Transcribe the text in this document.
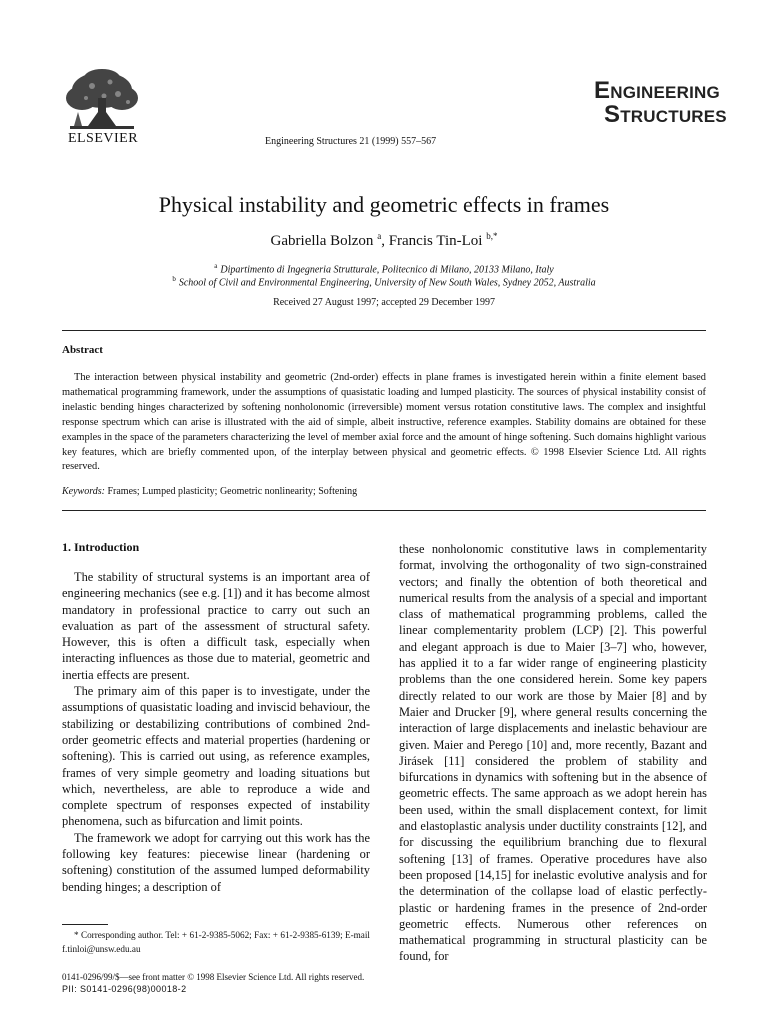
ELSEVIER	Engineering Structures 21 (1999) 557–567
ENGINEERING
STRUCTURES
Physical instability and geometric effects in frames
Gabriella Bolzon $^a$, Francis Tin-Loi $^{b,*}$
$^a$ Dipartimento di Ingegneria Strutturale, Politecnico di Milano, 20133 Milano, Italy
$^b$ School of Civil and Environmental Engineering, University of New South Wales, Sydney 2052, Australia
Received 27 August 1997; accepted 29 December 1997
Abstract
The interaction between physical instability and geometric (2nd-order) effects in plane frames is investigated herein within a finite element based mathematical programming framework, under the assumptions of quasistatic loading and lumped plasticity. The sources of physical instability consist of inelastic bending hinges characterized by softening nonholonomic (irreversible) moment versus rotation constitutive laws. The complex and insightful response spectrum which can arise is illustrated with the aid of simple, albeit instructive, reference examples. Stability domains are obtained for these examples in the space of the parameters characterizing the level of member axial force and the amount of hinge softening. Such domains highlight various key features, which are briefly commented upon, of the interplay between physical and geometric effects. © 1998 Elsevier Science Ltd. All rights reserved.
Keywords: Frames; Lumped plasticity; Geometric nonlinearity; Softening
1. Introduction

The stability of structural systems is an important area of engineering mechanics (see e.g. [1]) and it has become almost mandatory in professional practice to carry out such an evaluation as part of the assessment of structural safety. However, this is often a difficult task, especially when interacting influences as those due to material, geometric and inertia effects are present.

The primary aim of this paper is to investigate, under the assumptions of quasistatic loading and inviscid behaviour, the stabilizing or destabilizing contributions of combined 2nd-order geometric effects and material properties (hardening or softening). This is carried out using, as reference examples, frames of very simple geometry and loading situations but which, nevertheless, are able to reproduce a wide and complete spectrum of responses expected of instability phenomena, such as bifurcation and limit points.

The framework we adopt for carrying out this work has the following key features: piecewise linear (hardening or softening) constitution of the assumed lumped deformability bending hinges; a description of

these nonholonomic constitutive laws in complementarity format, involving the orthogonality of two sign-constrained vectors; and finally the obtention of both theoretical and numerical results from the analysis of a special and important class of mathematical programming problems, called the linear complementarity problem (LCP) [2]. This powerful and elegant approach is due to Maier [3–7] who, however, has applied it to a far wider range of engineering plasticity problems than the one considered herein. Some key papers directly related to our work are those by Maier [8] and by Maier and Drucker [9], where general results concerning the interaction of large displacements and inelastic behaviour are given. Maier and Perego [10] and, more recently, Bazant and Jirásek [11] considered the problem of stability and bifurcations in dynamics with softening but in the absence of geometric effects. The same approach as we adopt herein has been used, within the small displacement context, for limit and elastoplastic analysis under ductility constraints [12], and for discussing the equilibrium branching due to flexural softening [13] of frames. Operative procedures have also been proposed [14,15] for inelastic evolutive analysis and for the determination of the collapse load of elastic perfectly-plastic or hardening frames in the presence of 2nd-order geometric effects. Numerous other references on mathematical programming in structural plasticity can be found, for

* Corresponding author. Tel: + 61-2-9385-5062; Fax: + 61-2-9385-6139; E-mail f.tinloi@unsw.edu.au
0141-0296/99/$—see front matter © 1998 Elsevier Science Ltd. All rights reserved.
PII: S0141-0296(98)00018-2
